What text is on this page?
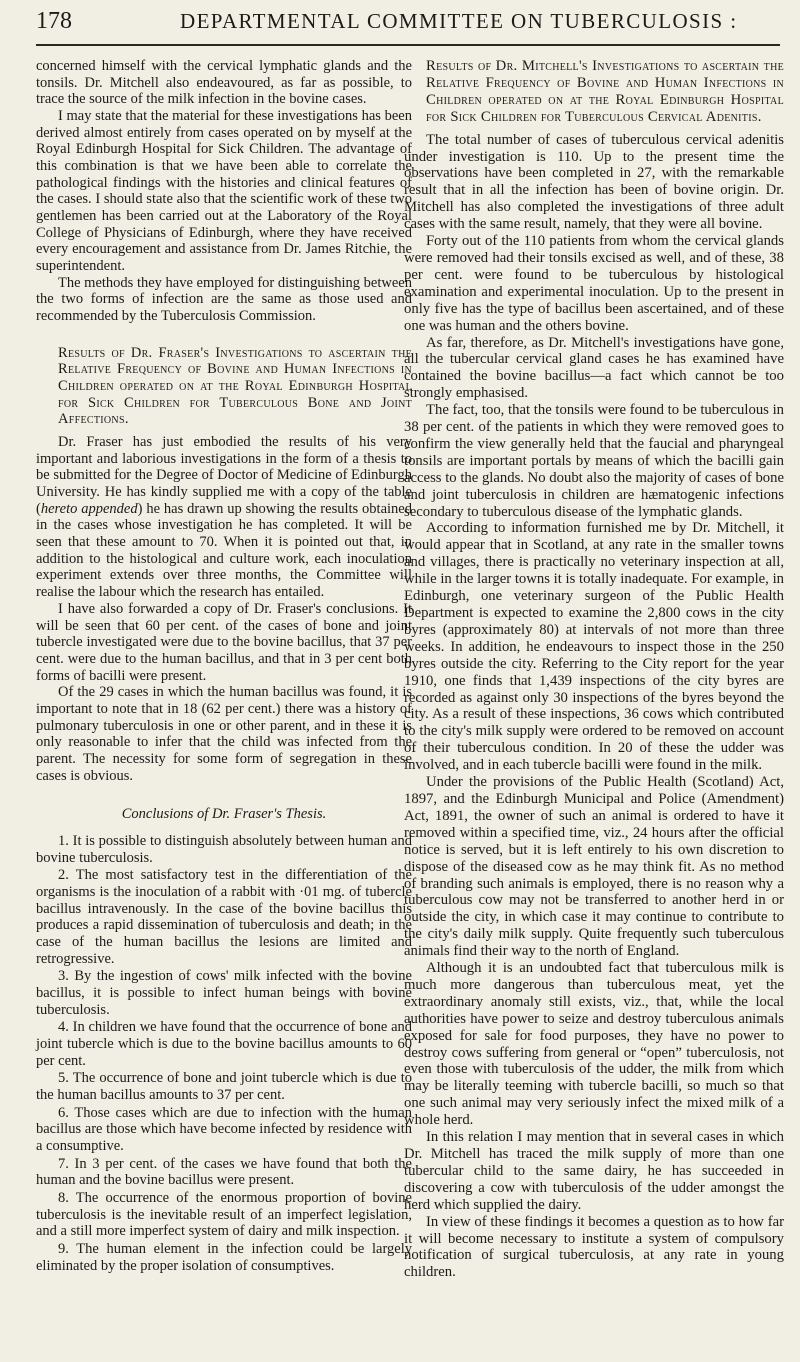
178	DEPARTMENTAL COMMITTEE ON TUBERCULOSIS :

concerned himself with the cervical lymphatic glands and the tonsils. Dr. Mitchell also endeavoured, as far as possible, to trace the source of the milk infection in the bovine cases.

I may state that the material for these investigations has been derived almost entirely from cases operated on by myself at the Royal Edinburgh Hospital for Sick Children. The advantage of this combination is that we have been able to correlate the pathological findings with the histories and clinical features of the cases. I should state also that the scientific work of these two gentlemen has been carried out at the Laboratory of the Royal College of Physicians of Edinburgh, where they have received every encouragement and assistance from Dr. James Ritchie, the superintendent.

The methods they have employed for distinguishing between the two forms of infection are the same as those used and recommended by the Tuberculosis Commission.

Results of Dr. Fraser's Investigations to ascertain the Relative Frequency of Bovine and Human Infections in Children operated on at the Royal Edinburgh Hospital for Sick Children for Tuberculous Bone and Joint Affections.

Dr. Fraser has just embodied the results of his very important and laborious investigations in the form of a thesis to be submitted for the Degree of Doctor of Medicine of Edinburgh University. He has kindly supplied me with a copy of the table (hereto appended) he has drawn up showing the results obtained in the cases whose investigation he has completed. It will be seen that these amount to 70. When it is pointed out that, in addition to the histological and culture work, each inoculation experiment extends over three months, the Committee will realise the labour which the research has entailed.

I have also forwarded a copy of Dr. Fraser's conclusions. It will be seen that 60 per cent. of the cases of bone and joint tubercle investigated were due to the bovine bacillus, that 37 per cent. were due to the human bacillus, and that in 3 per cent both forms of bacilli were present.

Of the 29 cases in which the human bacillus was found, it is important to note that in 18 (62 per cent.) there was a history of pulmonary tuberculosis in one or other parent, and in these it is only reasonable to infer that the child was infected from the parent. The necessity for some form of segregation in these cases is obvious.

Conclusions of Dr. Fraser's Thesis.

1. It is possible to distinguish absolutely between human and bovine tuberculosis.

2. The most satisfactory test in the differentiation of the organisms is the inoculation of a rabbit with ·01 mg. of tubercle bacillus intravenously. In the case of the bovine bacillus this produces a rapid dissemination of tuberculosis and death; in the case of the human bacillus the lesions are limited and retrogressive.

3. By the ingestion of cows' milk infected with the bovine bacillus, it is possible to infect human beings with bovine tuberculosis.

4. In children we have found that the occurrence of bone and joint tubercle which is due to the bovine bacillus amounts to 60 per cent.

5. The occurrence of bone and joint tubercle which is due to the human bacillus amounts to 37 per cent.

6. Those cases which are due to infection with the human bacillus are those which have become infected by residence with a consumptive.

7. In 3 per cent. of the cases we have found that both the human and the bovine bacillus were present.

8. The occurrence of the enormous proportion of bovine tuberculosis is the inevitable result of an imperfect legislation, and a still more imperfect system of dairy and milk inspection.

9. The human element in the infection could be largely eliminated by the proper isolation of consumptives.

Results of Dr. Mitchell's Investigations to ascertain the Relative Frequency of Bovine and Human Infections in Children operated on at the Royal Edinburgh Hospital for Sick Children for Tuberculous Cervical Adenitis.

The total number of cases of tuberculous cervical adenitis under investigation is 110. Up to the present time the observations have been completed in 27, with the remarkable result that in all the infection has been of bovine origin. Dr. Mitchell has also completed the investigations of three adult cases with the same result, namely, that they were all bovine.

Forty out of the 110 patients from whom the cervical glands were removed had their tonsils excised as well, and of these, 38 per cent. were found to be tuberculous by histological examination and experimental inoculation. Up to the present in only five has the type of bacillus been ascertained, and of these one was human and the others bovine.

As far, therefore, as Dr. Mitchell's investigations have gone, all the tubercular cervical gland cases he has examined have contained the bovine bacillus—a fact which cannot be too strongly emphasised.

The fact, too, that the tonsils were found to be tuberculous in 38 per cent. of the patients in which they were removed goes to confirm the view generally held that the faucial and pharyngeal tonsils are important portals by means of which the bacilli gain access to the glands. No doubt also the majority of cases of bone and joint tuberculosis in children are hæmatogenic infections secondary to tuberculous disease of the lymphatic glands.

According to information furnished me by Dr. Mitchell, it would appear that in Scotland, at any rate in the smaller towns and villages, there is practically no veterinary inspection at all, while in the larger towns it is totally inadequate. For example, in Edinburgh, one veterinary surgeon of the Public Health Department is expected to examine the 2,800 cows in the city byres (approximately 80) at intervals of not more than three weeks. In addition, he endeavours to inspect those in the 250 byres outside the city. Referring to the City report for the year 1910, one finds that 1,439 inspections of the city byres are recorded as against only 30 inspections of the byres beyond the city. As a result of these inspections, 36 cows which contributed to the city's milk supply were ordered to be removed on account of their tuberculous condition. In 20 of these the udder was involved, and in each tubercle bacilli were found in the milk.

Under the provisions of the Public Health (Scotland) Act, 1897, and the Edinburgh Municipal and Police (Amendment) Act, 1891, the owner of such an animal is ordered to have it removed within a specified time, viz., 24 hours after the official notice is served, but it is left entirely to his own discretion to dispose of the diseased cow as he may think fit. As no method of branding such animals is employed, there is no reason why a tuberculous cow may not be transferred to another herd in or outside the city, in which case it may continue to contribute to the city's daily milk supply. Quite frequently such tuberculous animals find their way to the north of England.

Although it is an undoubted fact that tuberculous milk is much more dangerous than tuberculous meat, yet the extraordinary anomaly still exists, viz., that, while the local authorities have power to seize and destroy tuberculous animals exposed for sale for food purposes, they have no power to destroy cows suffering from general or “open” tuberculosis, not even those with tuberculosis of the udder, the milk from which may be literally teeming with tubercle bacilli, so much so that one such animal may very seriously infect the mixed milk of a whole herd.

In this relation I may mention that in several cases in which Dr. Mitchell has traced the milk supply of more than one tubercular child to the same dairy, he has succeeded in discovering a cow with tuberculosis of the udder amongst the herd which supplied the dairy.

In view of these findings it becomes a question as to how far it will become necessary to institute a system of compulsory notification of surgical tuberculosis, at any rate in young children.
